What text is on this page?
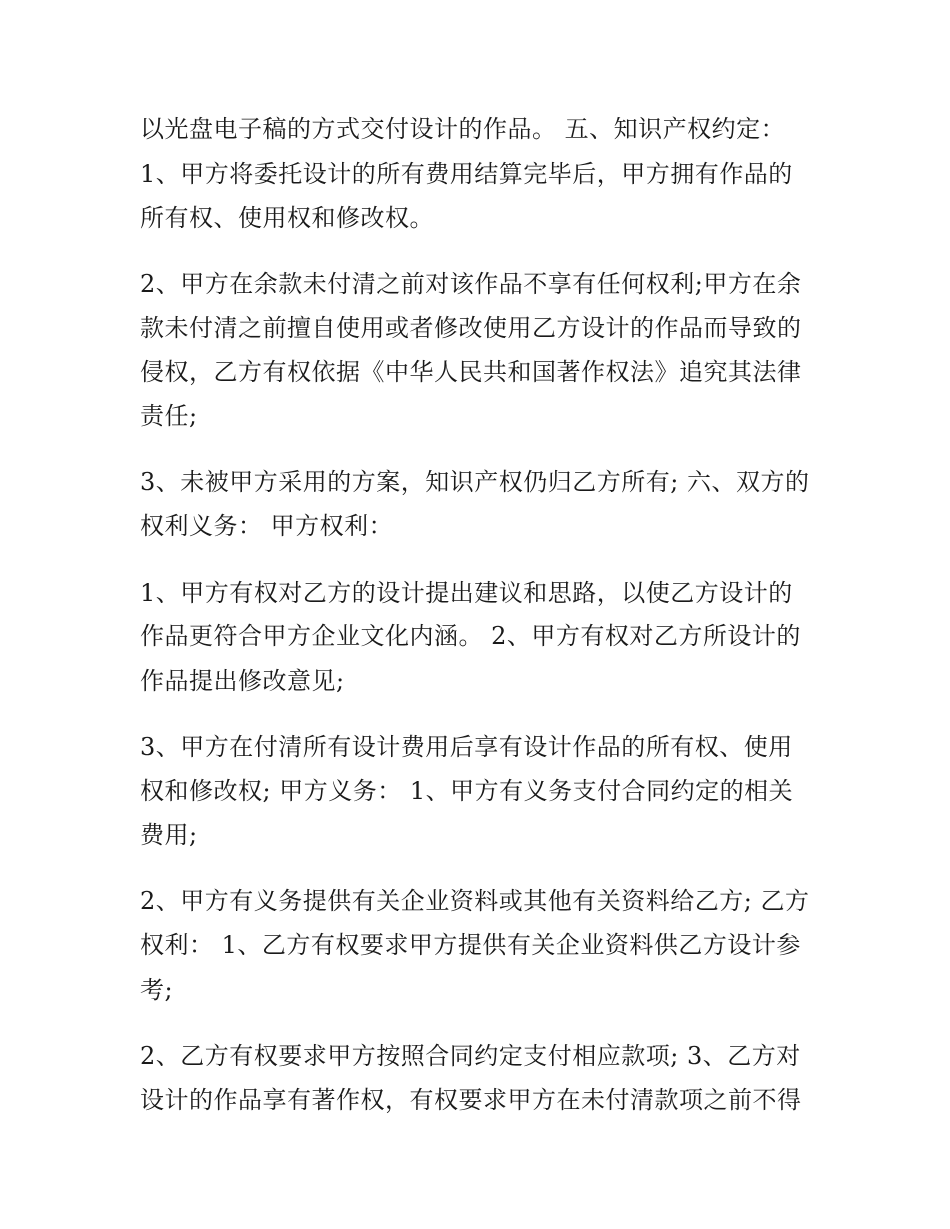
以光盘电子稿的方式交付设计的作品。 五、知识产权约定：
1、甲方将委托设计的所有费用结算完毕后，甲方拥有作品的
所有权、使用权和修改权。
2、甲方在余款未付清之前对该作品不享有任何权利;甲方在余
款未付清之前擅自使用或者修改使用乙方设计的作品而导致的
侵权，乙方有权依据《中华人民共和国著作权法》追究其法律
责任;
3、未被甲方采用的方案，知识产权仍归乙方所有; 六、双方的
权利义务： 甲方权利：
1、甲方有权对乙方的设计提出建议和思路，以使乙方设计的
作品更符合甲方企业文化内涵。 2、甲方有权对乙方所设计的
作品提出修改意见;
3、甲方在付清所有设计费用后享有设计作品的所有权、使用
权和修改权; 甲方义务： 1、甲方有义务支付合同约定的相关
费用;
2、甲方有义务提供有关企业资料或其他有关资料给乙方; 乙方
权利： 1、乙方有权要求甲方提供有关企业资料供乙方设计参
考;
2、乙方有权要求甲方按照合同约定支付相应款项; 3、乙方对
设计的作品享有著作权，有权要求甲方在未付清款项之前不得
